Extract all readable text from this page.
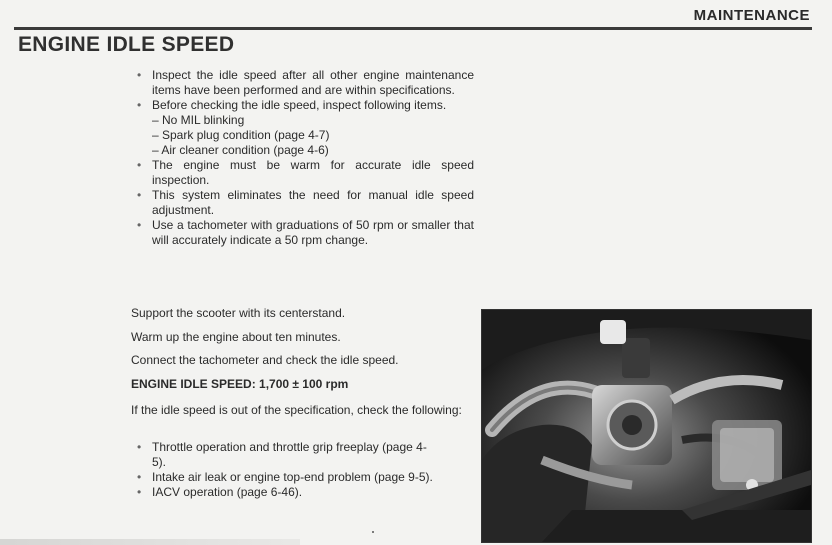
MAINTENANCE
ENGINE IDLE SPEED
• Inspect the idle speed after all other engine maintenance items have been performed and are within specifications.
• Before checking the idle speed, inspect following items.
– No MIL blinking
– Spark plug condition (page 4-7)
– Air cleaner condition (page 4-6)
• The engine must be warm for accurate idle speed inspection.
• This system eliminates the need for manual idle speed adjustment.
• Use a tachometer with graduations of 50 rpm or smaller that will accurately indicate a 50 rpm change.

Support the scooter with its centerstand.

Warm up the engine about ten minutes.

Connect the tachometer and check the idle speed.

ENGINE IDLE SPEED: 1,700 ± 100 rpm

If the idle speed is out of the specification, check the following:

• Throttle operation and throttle grip freeplay (page 4-5).
• Intake air leak or engine top-end problem (page 9-5).
• IACV operation (page 6-46).
